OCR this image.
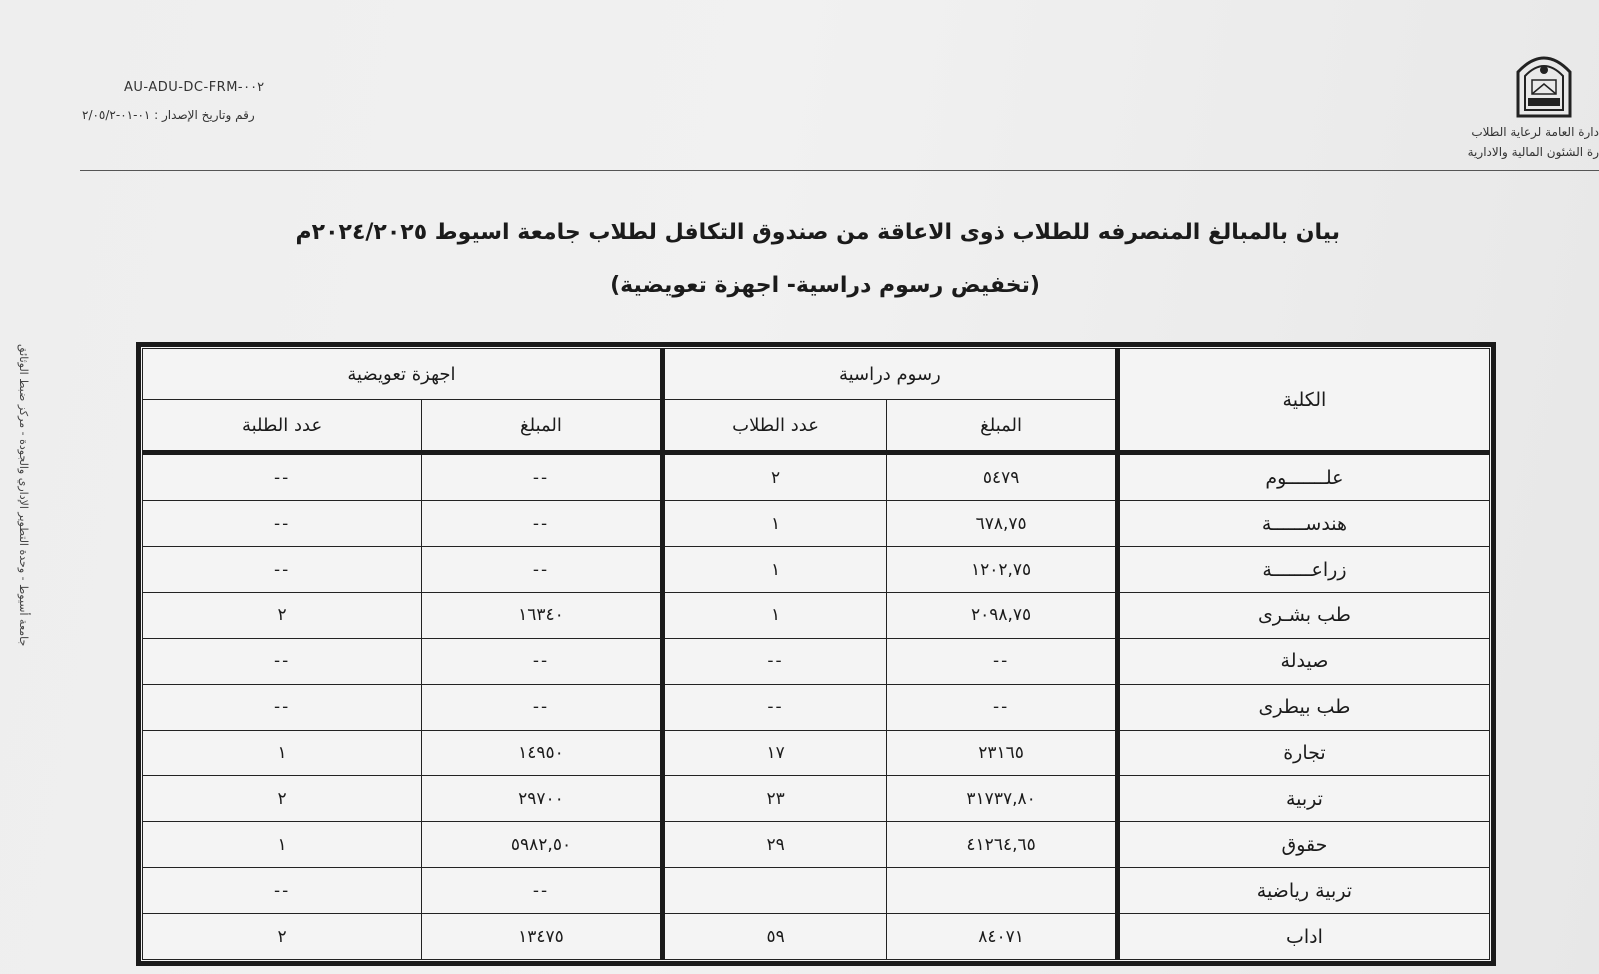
AU-ADU-DC-FRM-٠٠٢
رقم وتاريخ الإصدار : ٠١-٠١-٢/٠٥/٢
دارة العامة لرعاية الطلاب
رة الشئون المالية والادارية
جامعة أسيوط - وحدة التطوير الإداري والجودة - مركز ضبط الوثائق
بيان بالمبالغ المنصرفه للطلاب ذوى الاعاقة من صندوق التكافل لطلاب جامعة اسيوط ٢٠٢٤/٢٠٢٥م
(تخفيض رسوم دراسية- اجهزة تعويضية)
الكلية	رسوم دراسية		اجهزة تعويضية	
	المبلغ	عدد الطلاب	المبلغ	عدد الطلبة
علـــــــوم	٥٤٧٩	٢	--	--
هندســــــة	٦٧٨,٧٥	١	--	--
زراعـــــــة	١٢٠٢,٧٥	١	--	--
طب بشـرى	٢٠٩٨,٧٥	١	١٦٣٤٠	٢
صيدلة	--	--	--	--
طب بيطرى	--	--	--	--
تجارة	٢٣١٦٥	١٧	١٤٩٥٠	١
تربية	٣١٧٣٧,٨٠	٢٣	٢٩٧٠٠	٢
حقوق	٤١٢٦٤,٦٥	٢٩	٥٩٨٢,٥٠	١
تربية رياضية			--	--
اداب	٨٤٠٧١	٥٩	١٣٤٧٥	٢
